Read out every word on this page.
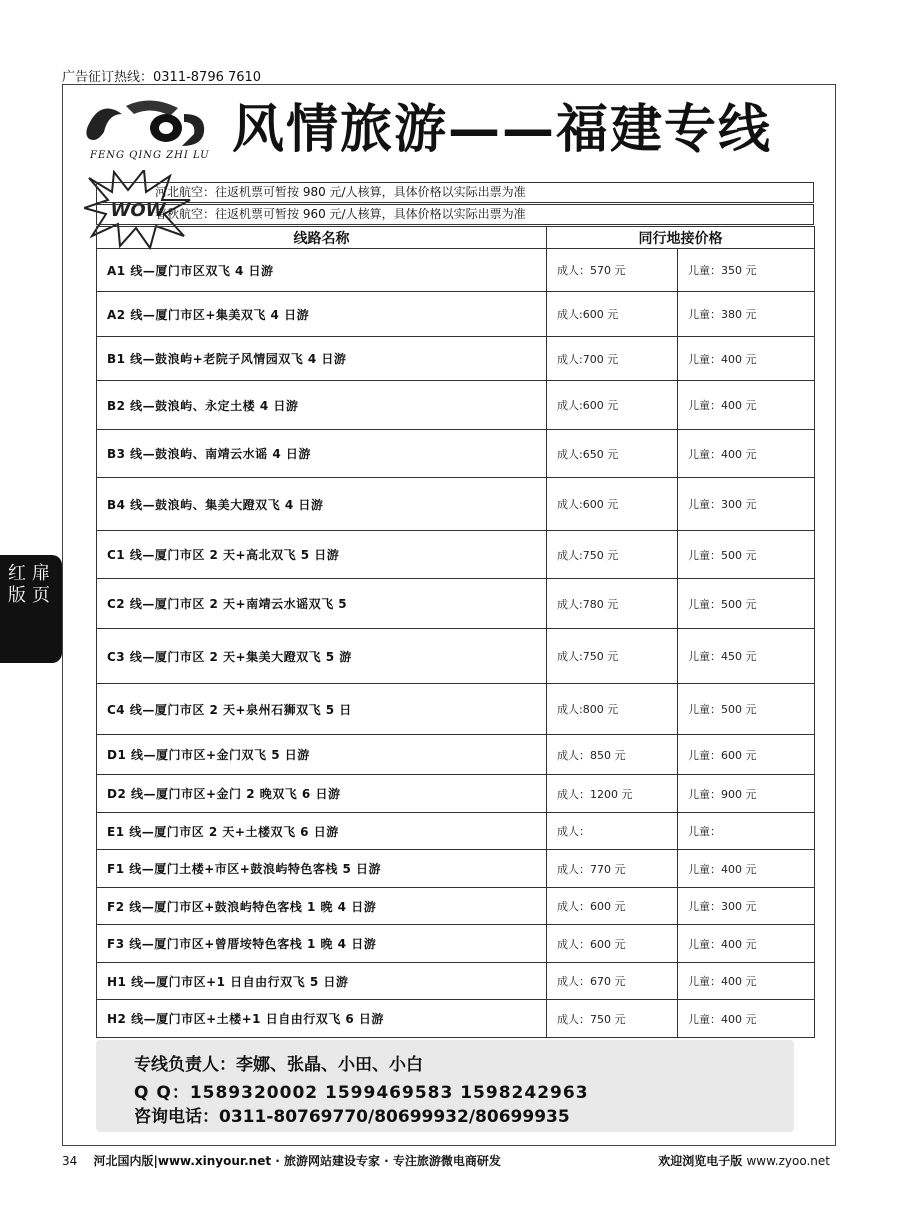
广告征订热线：0311-8796 7610
FENG QING ZHI LU 风情旅游——福建专线
WOW
河北航空：往返机票可暂按 980 元/人核算，具体价格以实际出票为准
春秋航空：往返机票可暂按 960 元/人核算，具体价格以实际出票为准
线路名称	同行地接价格	
A1 线—厦门市区双飞 4 日游	成人：570 元	儿童：350 元
A2 线—厦门市区+集美双飞 4 日游	成人:600 元	儿童：380 元
B1 线—鼓浪屿+老院子风情园双飞 4 日游	成人:700 元	儿童：400 元
B2 线—鼓浪屿、永定土楼 4 日游	成人:600 元	儿童：400 元
B3 线—鼓浪屿、南靖云水谣 4 日游	成人:650 元	儿童：400 元
B4 线—鼓浪屿、集美大蹬双飞 4 日游	成人:600 元	儿童：300 元
C1 线—厦门市区 2 天+高北双飞 5 日游	成人:750 元	儿童：500 元
C2 线—厦门市区 2 天+南靖云水谣双飞 5	成人:780 元	儿童：500 元
C3 线—厦门市区 2 天+集美大蹬双飞 5 游	成人:750 元	儿童：450 元
C4 线—厦门市区 2 天+泉州石狮双飞 5 日	成人:800 元	儿童：500 元
D1 线—厦门市区+金门双飞 5 日游	成人：850 元	儿童：600 元
D2 线—厦门市区+金门 2 晚双飞 6 日游	成人：1200 元	儿童：900 元
E1 线—厦门市区 2 天+土楼双飞 6 日游	成人：	儿童：
F1 线—厦门土楼+市区+鼓浪屿特色客栈 5 日游	成人：770 元	儿童：400 元
F2 线—厦门市区+鼓浪屿特色客栈 1 晚 4 日游	成人：600 元	儿童：300 元
F3 线—厦门市区+曾厝垵特色客栈 1 晚 4 日游	成人：600 元	儿童：400 元
H1 线—厦门市区+1 日自由行双飞 5 日游	成人：670 元	儿童：400 元
H2 线—厦门市区+土楼+1 日自由行双飞 6 日游	成人：750 元	儿童：400 元
专线负责人：李娜、张晶、小田、小白
Q Q：1589320002 1599469583 1598242963
咨询电话：0311-80769770/80699932/80699935
红版
扉页
34 河北国内版|www.xinyour.net · 旅游网站建设专家 · 专注旅游微电商研发	欢迎浏览电子版 www.zyoo.net
